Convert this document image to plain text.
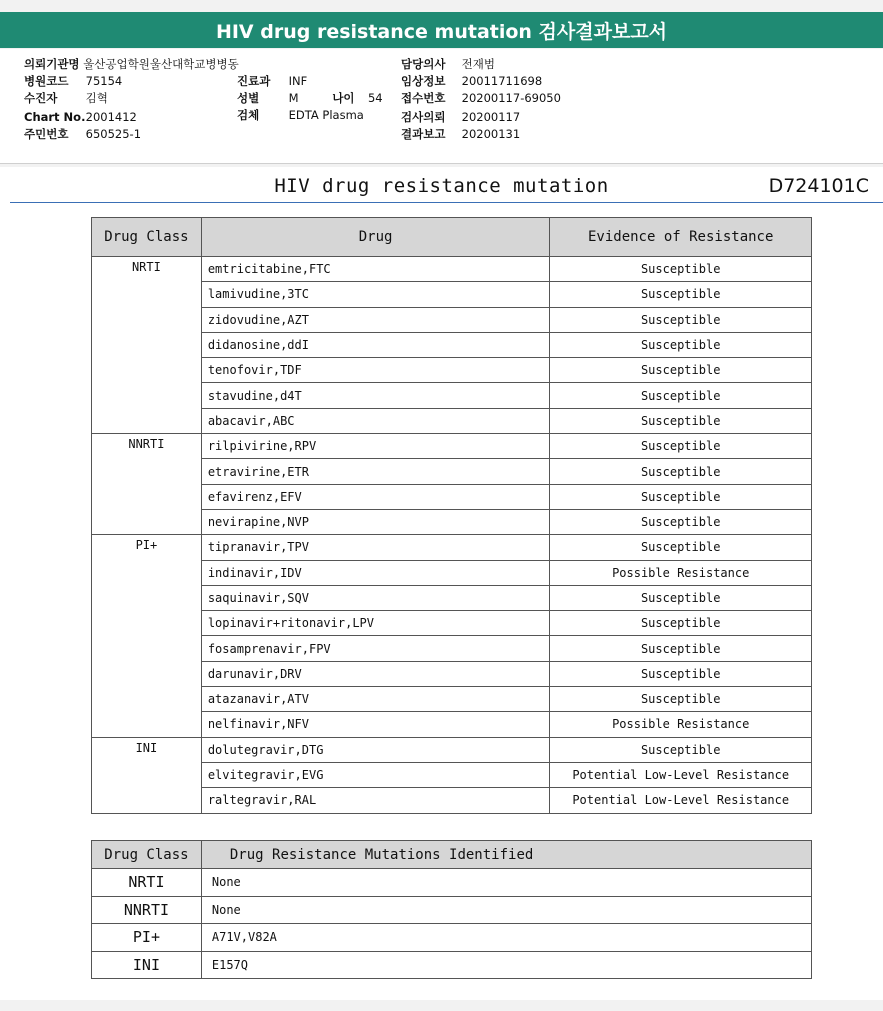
HIV drug resistance mutation 검사결과보고서
의뢰기관명 울산공업학원울산대학교병병동
병원코드 75154
수진자 김혁
Chart No. 2001412
주민번호 650525-1
진료과 INF
성별	M	나이 54
검체	EDTA Plasma
담당의사 전재범
임상정보 20011711698
접수번호 20200117-69050
검사의뢰 20200117
결과보고 20200131
HIV drug resistance mutation	D724101C
Drug Class	Drug	Evidence of Resistance
NRTI	emtricitabine,FTC	Susceptible
	lamivudine,3TC	Susceptible
	zidovudine,AZT	Susceptible
	didanosine,ddI	Susceptible
	tenofovir,TDF	Susceptible
	stavudine,d4T	Susceptible
	abacavir,ABC	Susceptible
NNRTI	rilpivirine,RPV	Susceptible
	etravirine,ETR	Susceptible
	efavirenz,EFV	Susceptible
	nevirapine,NVP	Susceptible
PI+	tipranavir,TPV	Susceptible
	indinavir,IDV	Possible Resistance
	saquinavir,SQV	Susceptible
	lopinavir+ritonavir,LPV	Susceptible
	fosamprenavir,FPV	Susceptible
	darunavir,DRV	Susceptible
	atazanavir,ATV	Susceptible
	nelfinavir,NFV	Possible Resistance
INI	dolutegravir,DTG	Susceptible
	elvitegravir,EVG	Potential Low-Level Resistance
	raltegravir,RAL	Potential Low-Level Resistance
Drug Class	Drug Resistance Mutations Identified
NRTI	None
NNRTI	None
PI+	A71V,V82A
INI	E157Q
